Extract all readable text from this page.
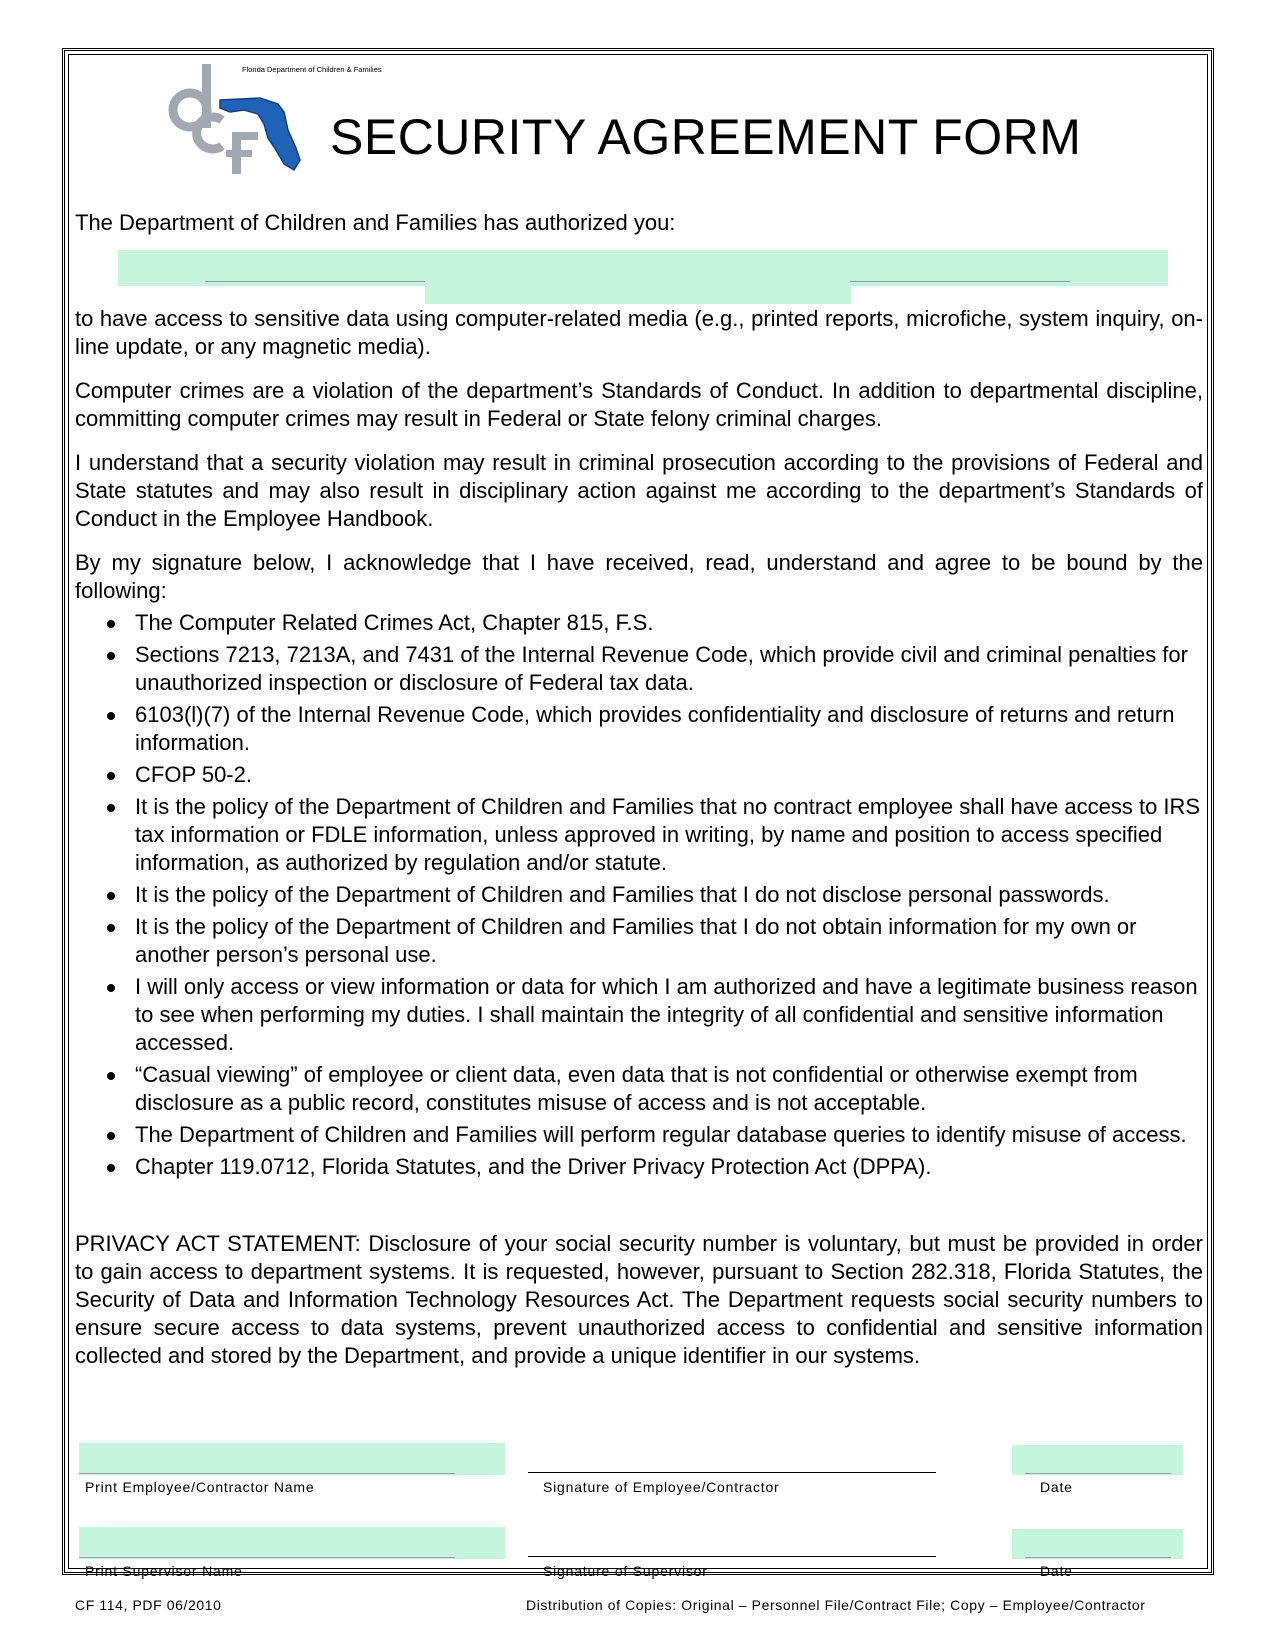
Florida Department of Children & Families
SECURITY AGREEMENT FORM
The Department of Children and Families has authorized you:

to have access to sensitive data using computer-related media (e.g., printed reports, microfiche, system inquiry, on-line update, or any magnetic media).

Computer crimes are a violation of the department’s Standards of Conduct. In addition to departmental discipline, committing computer crimes may result in Federal or State felony criminal charges.

I understand that a security violation may result in criminal prosecution according to the provisions of Federal and State statutes and may also result in disciplinary action against me according to the department’s Standards of Conduct in the Employee Handbook.

By my signature below, I acknowledge that I have received, read, understand and agree to be bound by the following:

The Computer Related Crimes Act, Chapter 815, F.S.
Sections 7213, 7213A, and 7431 of the Internal Revenue Code, which provide civil and criminal penalties for unauthorized inspection or disclosure of Federal tax data.
6103(l)(7) of the Internal Revenue Code, which provides confidentiality and disclosure of returns and return information.
CFOP 50-2.
It is the policy of the Department of Children and Families that no contract employee shall have access to IRS tax information or FDLE information, unless approved in writing, by name and position to access specified information, as authorized by regulation and/or statute.
It is the policy of the Department of Children and Families that I do not disclose personal passwords.
It is the policy of the Department of Children and Families that I do not obtain information for my own or another person’s personal use.
I will only access or view information or data for which I am authorized and have a legitimate business reason to see when performing my duties. I shall maintain the integrity of all confidential and sensitive information accessed.
“Casual viewing” of employee or client data, even data that is not confidential or otherwise exempt from disclosure as a public record, constitutes misuse of access and is not acceptable.
The Department of Children and Families will perform regular database queries to identify misuse of access.
Chapter 119.0712, Florida Statutes, and the Driver Privacy Protection Act (DPPA).
PRIVACY ACT STATEMENT: Disclosure of your social security number is voluntary, but must be provided in order to gain access to department systems. It is requested, however, pursuant to Section 282.318, Florida Statutes, the Security of Data and Information Technology Resources Act. The Department requests social security numbers to ensure secure access to data systems, prevent unauthorized access to confidential and sensitive information collected and stored by the Department, and provide a unique identifier in our systems.
Print Employee/Contractor Name	Signature of Employee/Contractor	Date
Print Supervisor Name	Signature of Supervisor	Date
CF 114, PDF 06/2010	Distribution of Copies: Original – Personnel File/Contract File; Copy – Employee/Contractor
